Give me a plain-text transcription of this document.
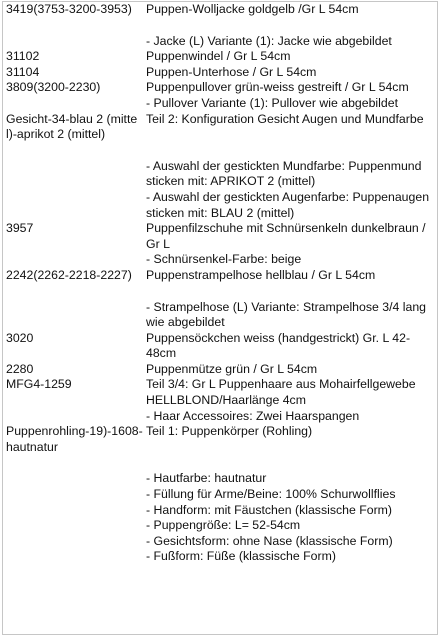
3419(3753-3200-3953)	Puppen-Wolljacke goldgelb /Gr L 54cm

	- Jacke (L) Variante (1): Jacke wie abgebildet
31102	Puppenwindel / Gr L 54cm
31104	Puppen-Unterhose / Gr L 54cm
3809(3200-2230)	Puppenpullover grün-weiss gestreift / Gr L 54cm
	- Pullover Variante (1): Pullover wie abgebildet
Gesicht-34-blau 2 (mittel)-aprikot 2 (mittel)	Teil 2: Konfiguration Gesicht Augen und Mundfarbe

	- Auswahl der gestickten Mundfarbe: Puppenmund sticken mit: APRIKOT 2 (mittel)
	- Auswahl der gestickten Augenfarbe: Puppenaugen sticken mit: BLAU 2 (mittel)
3957	Puppenfilzschuhe mit Schnürsenkeln dunkelbraun / Gr L
	- Schnürsenkel-Farbe: beige
2242(2262-2218-2227)	Puppenstrampelhose hellblau / Gr L 54cm

	- Strampelhose (L) Variante: Strampelhose 3/4 lang wie abgebildet
3020	Puppensöckchen weiss (handgestrickt) Gr. L 42-48cm
2280	Puppenmütze grün / Gr L 54cm
MFG4-1259	Teil 3/4: Gr L Puppenhaare aus Mohairfellgewebe HELLBLOND/Haarlänge 4cm
	- Haar Accessoires: Zwei Haarspangen
Puppenrohling-19)-1608-hautnatur	Teil 1: Puppenkörper (Rohling)

	- Hautfarbe: hautnatur
	- Füllung für Arme/Beine: 100% Schurwollflies
	- Handform: mit Fäustchen (klassische Form)
	- Puppengröße: L= 52-54cm
	- Gesichtsform: ohne Nase (klassische Form)
	- Fußform: Füße (klassische Form)
